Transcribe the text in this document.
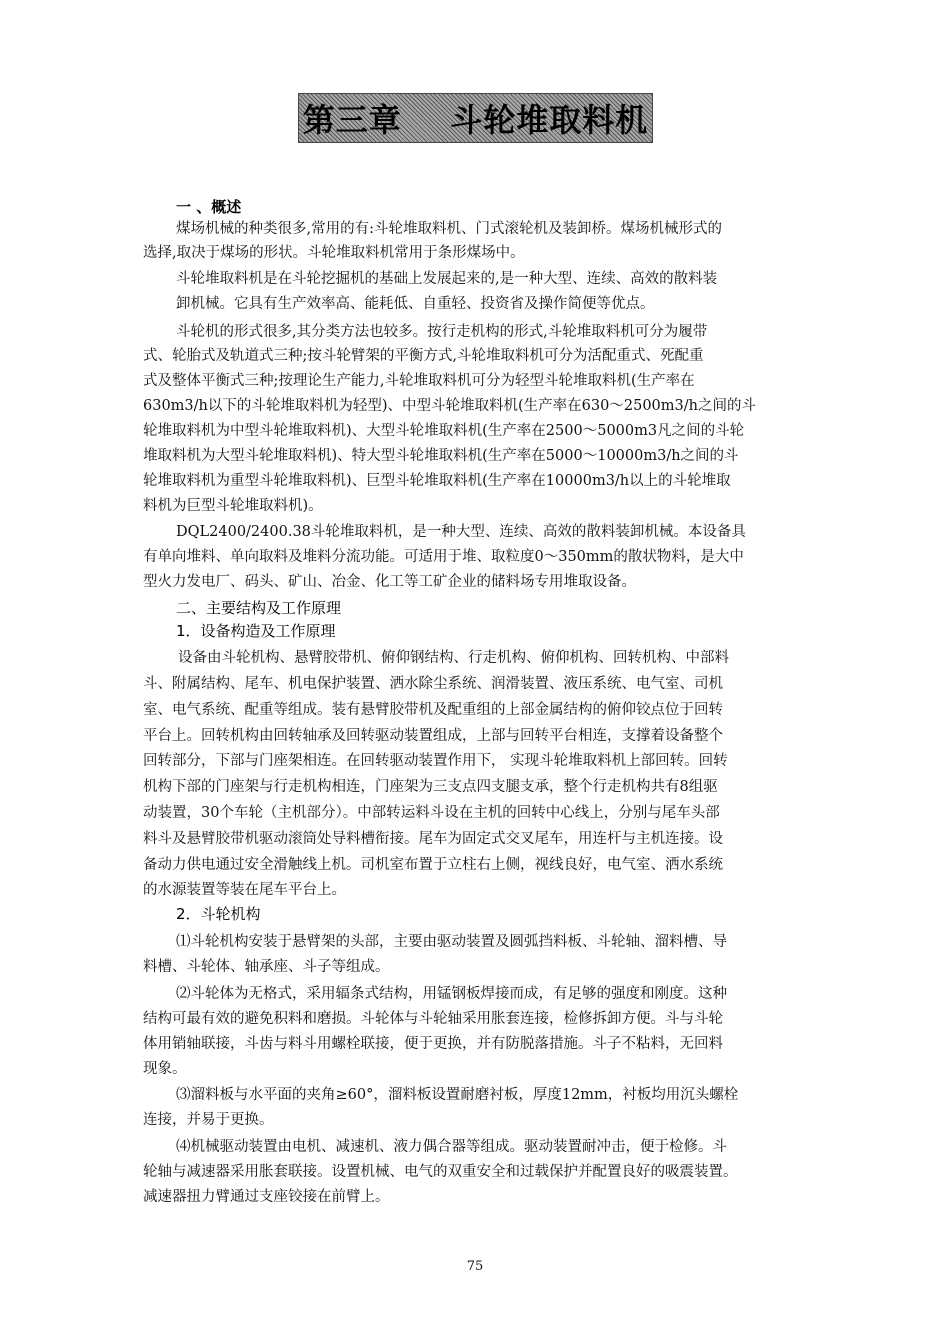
第三章    斗轮堆取料机
一 、概述
煤场机械的种类很多,常用的有:斗轮堆取料机、门式滚轮机及装卸桥。煤场机械形式的
选择,取决于煤场的形状。斗轮堆取料机常用于条形煤场中。
斗轮堆取料机是在斗轮挖掘机的基础上发展起来的,是一种大型、连续、高效的散料装
卸机械。它具有生产效率高、能耗低、自重轻、投资省及操作简便等优点。
斗轮机的形式很多,其分类方法也较多。按行走机构的形式,斗轮堆取料机可分为履带
式、轮胎式及轨道式三种;按斗轮臂架的平衡方式,斗轮堆取料机可分为活配重式、死配重
式及整体平衡式三种;按理论生产能力,斗轮堆取料机可分为轻型斗轮堆取料机(生产率在
630m3/h以下的斗轮堆取料机为轻型)、中型斗轮堆取料机(生产率在630～2500m3/h之间的斗
轮堆取料机为中型斗轮堆取料机)、大型斗轮堆取料机(生产率在2500～5000m3凡之间的斗轮
堆取料机为大型斗轮堆取料机)、特大型斗轮堆取料机(生产率在5000～10000m3/h之间的斗
轮堆取料机为重型斗轮堆取料机)、巨型斗轮堆取料机(生产率在10000m3/h以上的斗轮堆取
料机为巨型斗轮堆取料机)。
DQL2400/2400.38斗轮堆取料机，是一种大型、连续、高效的散料装卸机械。本设备具
有单向堆料、单向取料及堆料分流功能。可适用于堆、取粒度0～350mm的散状物料，是大中
型火力发电厂、码头、矿山、冶金、化工等工矿企业的储料场专用堆取设备。
二、主要结构及工作原理
1．设备构造及工作原理
设备由斗轮机构、悬臂胶带机、俯仰钢结构、行走机构、俯仰机构、回转机构、中部料
斗、附属结构、尾车、机电保护装置、洒水除尘系统、润滑装置、液压系统、电气室、司机
室、电气系统、配重等组成。装有悬臂胶带机及配重组的上部金属结构的俯仰铰点位于回转
平台上。回转机构由回转轴承及回转驱动装置组成，上部与回转平台相连，支撑着设备整个
回转部分，下部与门座架相连。在回转驱动装置作用下， 实现斗轮堆取料机上部回转。回转
机构下部的门座架与行走机构相连，门座架为三支点四支腿支承，整个行走机构共有8组驱
动装置，30个车轮（主机部分）。中部转运料斗设在主机的回转中心线上，分别与尾车头部
料斗及悬臂胶带机驱动滚筒处导料槽衔接。尾车为固定式交叉尾车，用连杆与主机连接。设
备动力供电通过安全滑触线上机。司机室布置于立柱右上侧，视线良好，电气室、洒水系统
的水源装置等装在尾车平台上。
2．斗轮机构
⑴斗轮机构安装于悬臂架的头部，主要由驱动装置及圆弧挡料板、斗轮轴、溜料槽、导
料槽、斗轮体、轴承座、斗子等组成。
⑵斗轮体为无格式，采用辐条式结构，用锰钢板焊接而成，有足够的强度和刚度。这种
结构可最有效的避免积料和磨损。斗轮体与斗轮轴采用胀套连接，检修拆卸方便。斗与斗轮
体用销轴联接，斗齿与料斗用螺栓联接，便于更换，并有防脱落措施。斗子不粘料，无回料
现象。
⑶溜料板与水平面的夹角≥60°，溜料板设置耐磨衬板，厚度12mm，衬板均用沉头螺栓
连接，并易于更换。
⑷机械驱动装置由电机、减速机、液力偶合器等组成。驱动装置耐冲击，便于检修。斗
轮轴与减速器采用胀套联接。设置机械、电气的双重安全和过载保护并配置良好的吸震装置。
减速器扭力臂通过支座铰接在前臂上。
75
